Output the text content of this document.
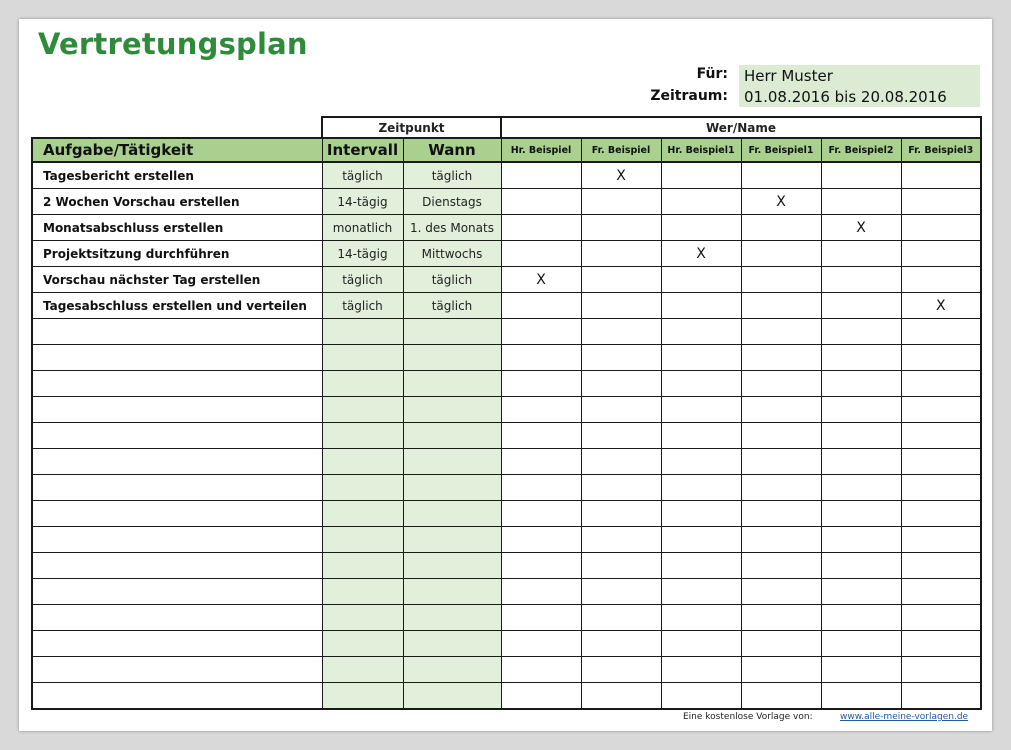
Vertretungsplan
Für:	Herr Muster
Zeitraum:	01.08.2016 bis 20.08.2016
	Zeitpunkt		Wer/Name					
Aufgabe/Tätigkeit	Intervall	Wann	Hr. Beispiel	Fr. Beispiel	Hr. Beispiel1	Fr. Beispiel1	Fr. Beispiel2	Fr. Beispiel3
Tagesbericht erstellen	täglich	täglich		X				
2 Wochen Vorschau erstellen	14-tägig	Dienstags				X		
Monatsabschluss erstellen	monatlich	1. des Monats					X	
Projektsitzung durchführen	14-tägig	Mittwochs			X			
Vorschau nächster Tag erstellen	täglich	täglich	X					
Tagesabschluss erstellen und verteilen	täglich	täglich						X

Eine kostenlose Vorlage von:	www.alle-meine-vorlagen.de
